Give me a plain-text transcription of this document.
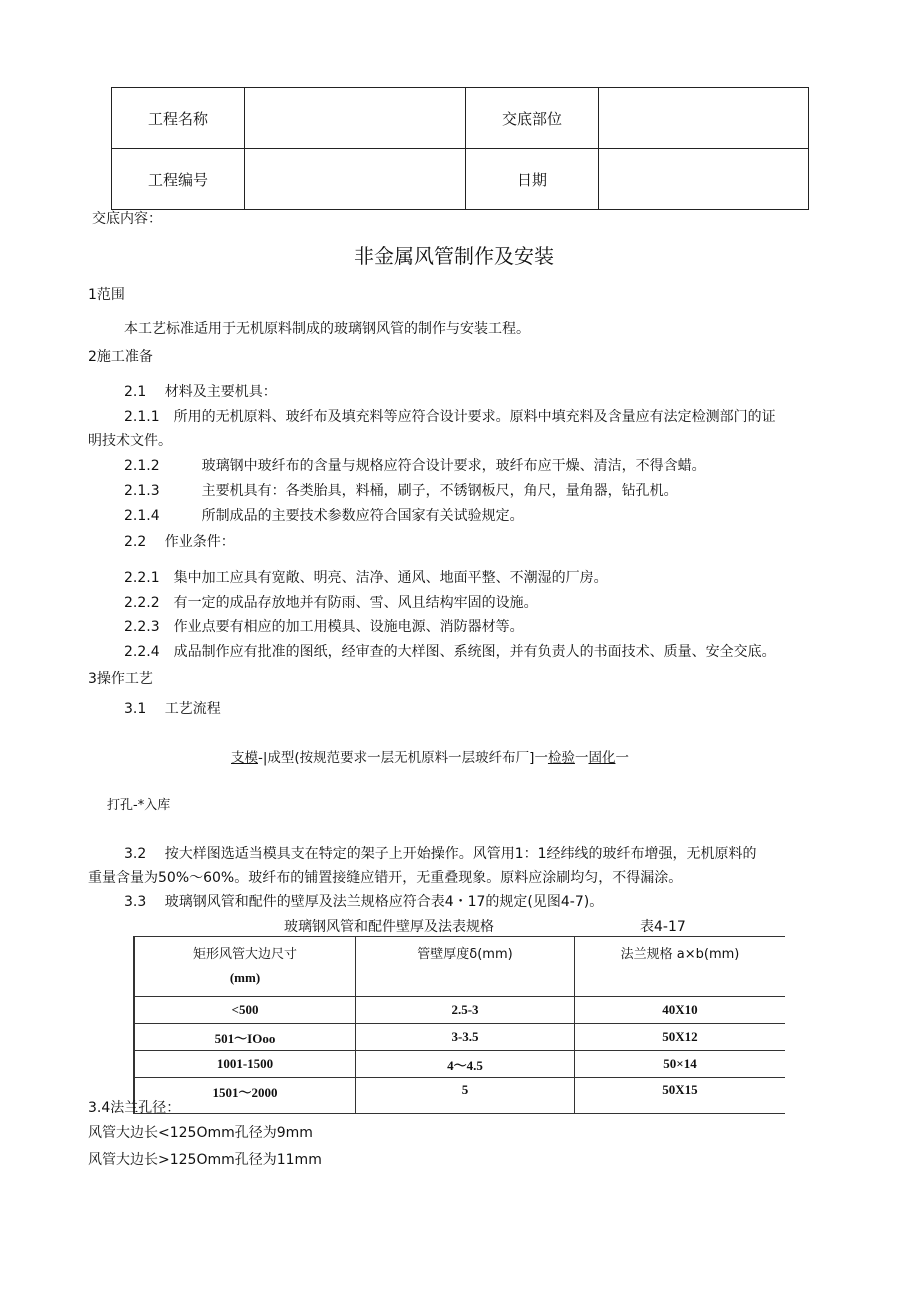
工程名称		交底部位	
工程编号		日期	
交底内容：
非金属风管制作及安装
1范围
本工艺标准适用于无机原料制成的玻璃钢风管的制作与安装工程。
2施工准备
2.1　 材料及主要机具：
2.1.1　所用的无机原料、玻纤布及填充料等应符合设计要求。原料中填充料及含量应有法定检测部门的证
明技术文件。
2.1.2　　　玻璃钢中玻纤布的含量与规格应符合设计要求，玻纤布应干燥、清洁，不得含蜡。
2.1.3　　　主要机具有：各类胎具，料桶，刷子，不锈钢板尺，角尺，量角器，钻孔机。
2.1.4　　　所制成品的主要技术参数应符合国家有关试验规定。
2.2　 作业条件：
2.2.1　集中加工应具有宽敞、明亮、洁净、通风、地面平整、不潮湿的厂房。
2.2.2　有一定的成品存放地并有防雨、雪、风且结构牢固的设施。
2.2.3　作业点要有相应的加工用模具、设施电源、消防器材等。
2.2.4　成品制作应有批准的图纸，经审查的大样图、系统图，并有负责人的书面技术、质量、安全交底。
3操作工艺
3.1　 工艺流程
支模-|成型(按规范要求一层无机原料一层玻纤布厂]一检验一固化一
打孔-*入库
3.2　 按大样图选适当模具支在特定的架子上开始操作。风管用1：1经纬线的玻纤布增强，无机原料的
重量含量为50%～60%。玻纤布的铺置接缝应错开，无重叠现象。原料应涂刷均匀，不得漏涂。
3.3　 玻璃钢风管和配件的壁厚及法兰规格应符合表4・17的规定(见图4-7)。
玻璃钢风管和配件壁厚及法表规格	表4-17
矩形风管大边尺寸
(mm)	管壁厚度δ(mm)	法兰规格 a×b(mm)
<500	2.5-3	40X10
501～IOoo	3-3.5	50X12
1001-1500	4～4.5	50×14
1501～2000	5	50X15
3.4法兰孔径：
风管大边长<125Omm孔径为9mm
风管大边长>125Omm孔径为11mm
